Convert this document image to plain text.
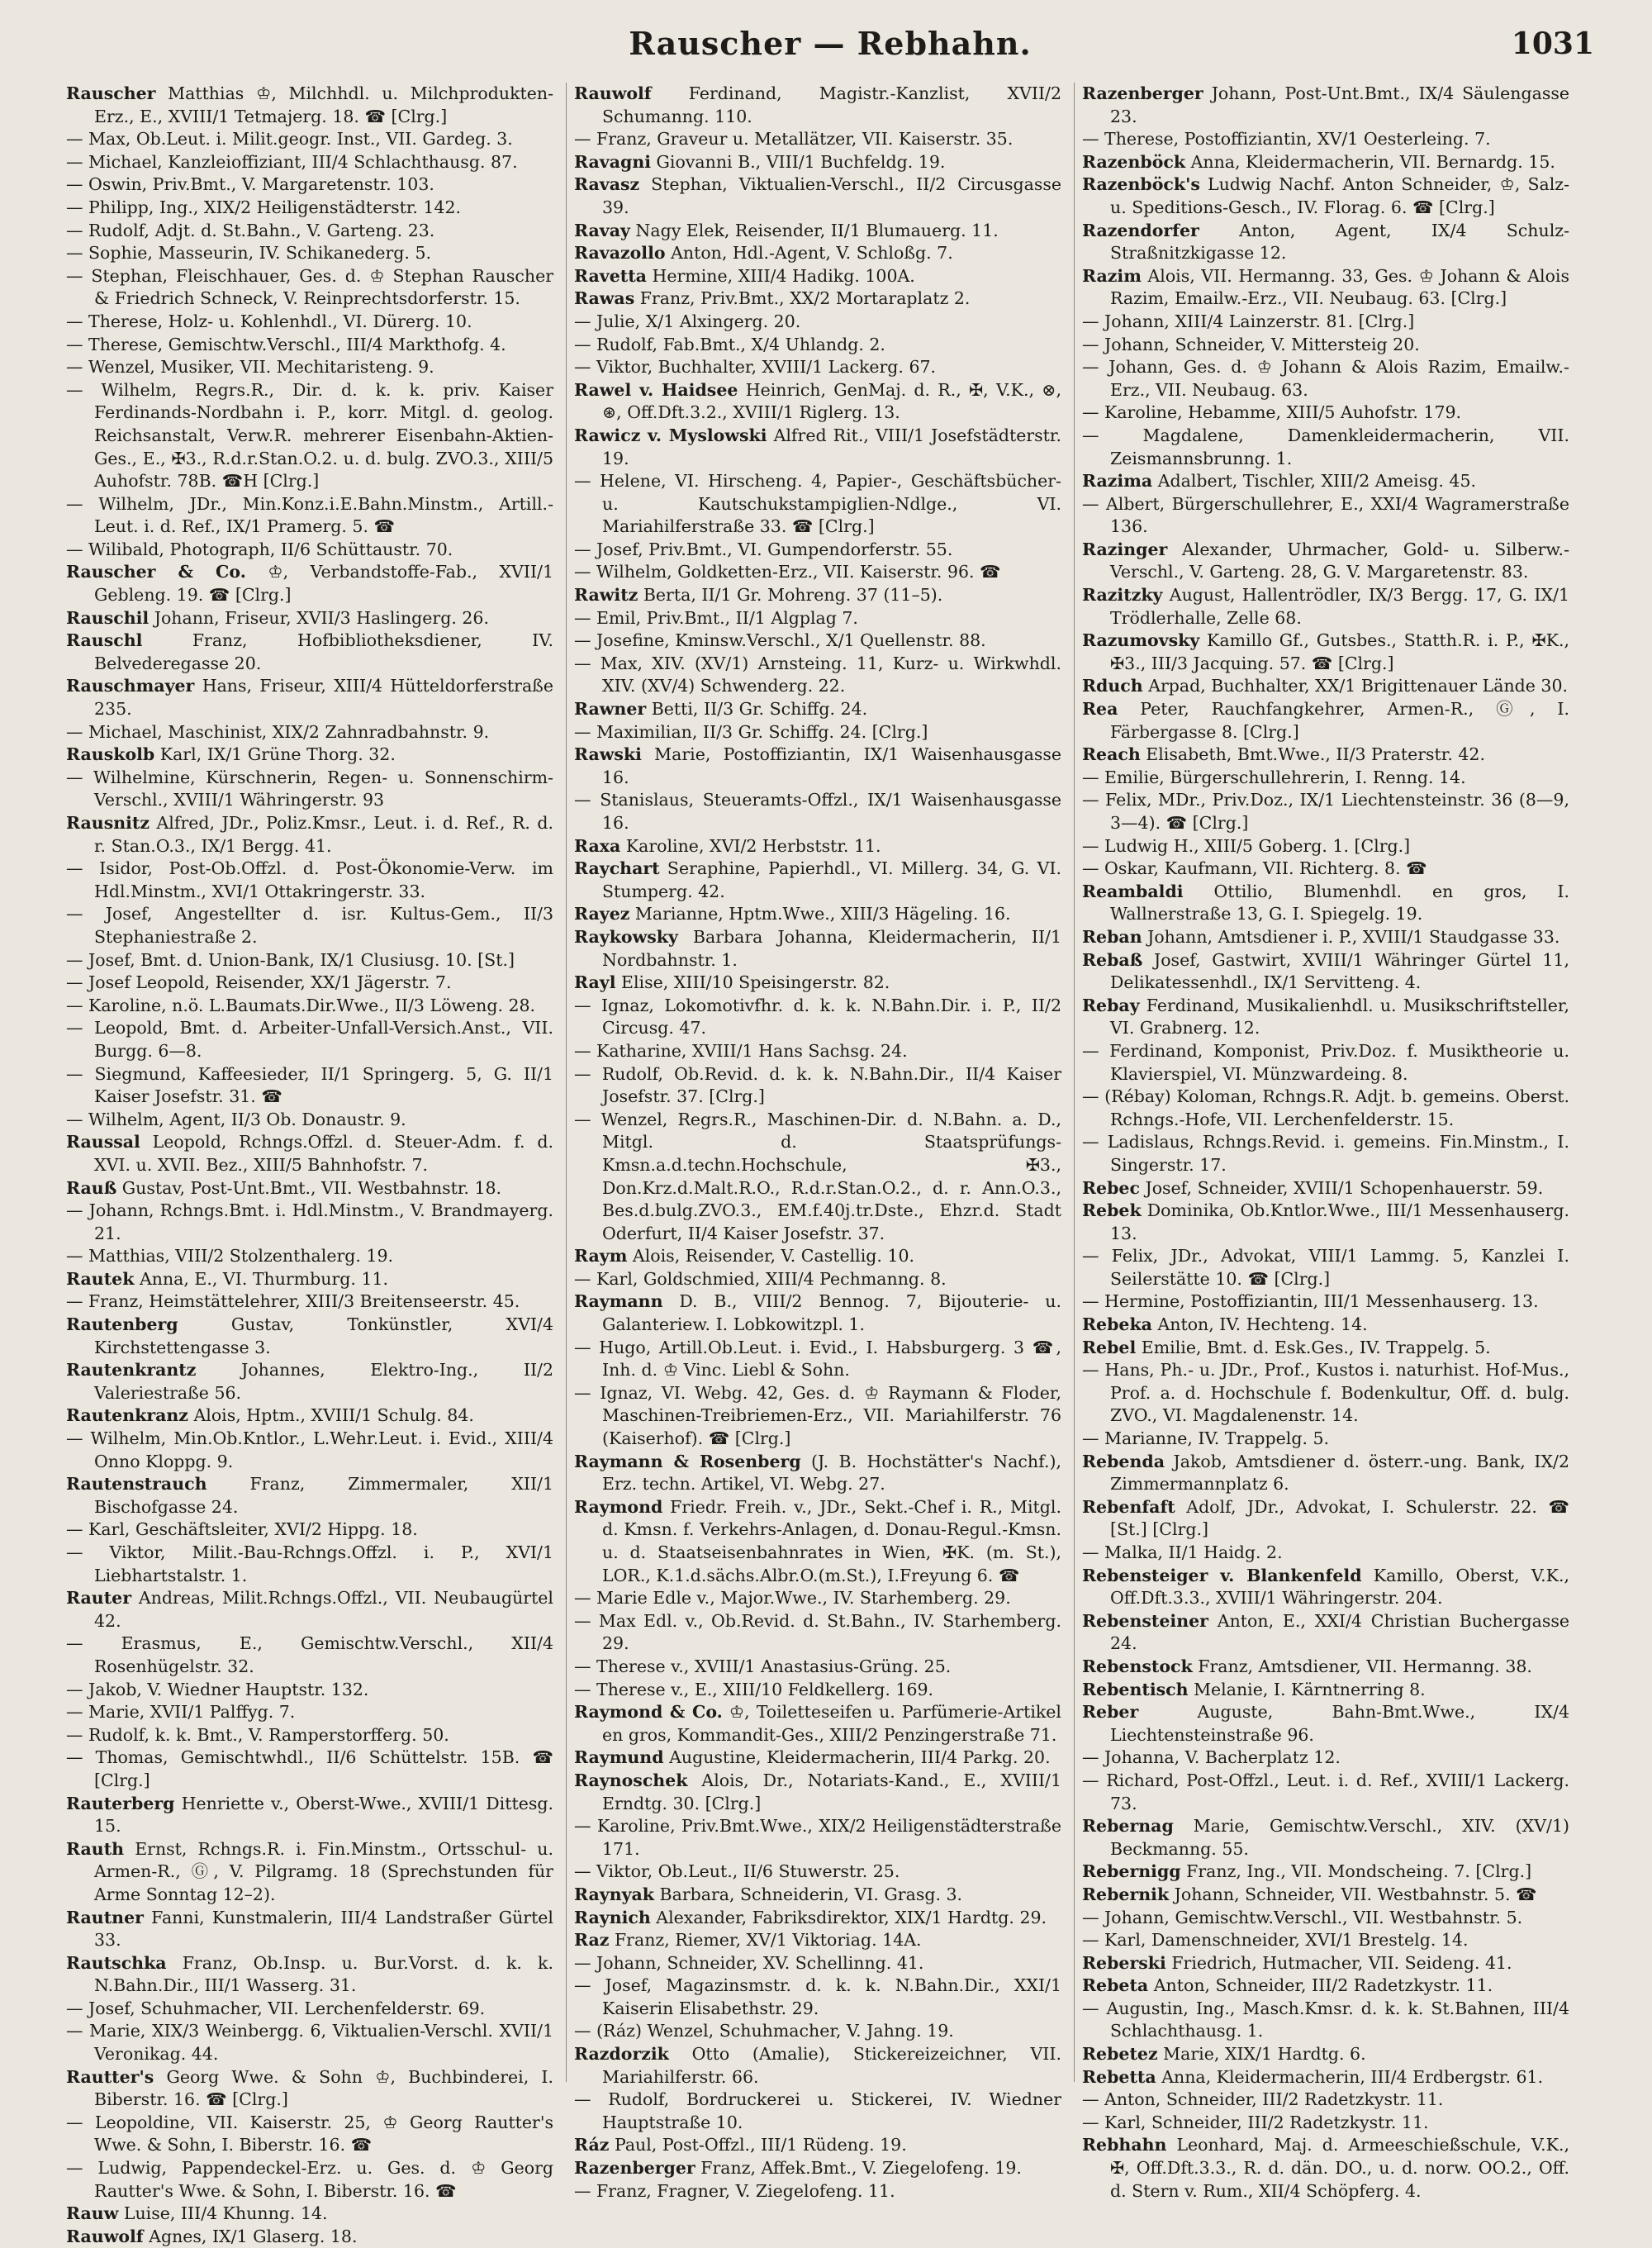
Rauscher — Rebhahn.	1031
Rauscher Matthias ♔, Milchhdl. u. Milchprodukten-Erz., E., XVIII/1 Tetmajerg. 18. ☎ [Clrg.]
— Max, Ob.Leut. i. Milit.geogr. Inst., VII. Gardeg. 3.
— Michael, Kanzleioffiziant, III/4 Schlachthausg. 87.
— Oswin, Priv.Bmt., V. Margaretenstr. 103.
— Philipp, Ing., XIX/2 Heiligenstädterstr. 142.
— Rudolf, Adjt. d. St.Bahn., V. Garteng. 23.
— Sophie, Masseurin, IV. Schikanederg. 5.
— Stephan, Fleischhauer, Ges. d. ♔ Stephan Rauscher & Friedrich Schneck, V. Reinprechtsdorferstr. 15.
— Therese, Holz- u. Kohlenhdl., VI. Dürerg. 10.
— Therese, Gemischtw.Verschl., III/4 Markthofg. 4.
— Wenzel, Musiker, VII. Mechitaristeng. 9.
— Wilhelm, Regrs.R., Dir. d. k. k. priv. Kaiser Ferdinands-Nordbahn i. P., korr. Mitgl. d. geolog. Reichsanstalt, Verw.R. mehrerer Eisenbahn-Aktien-Ges., E., ✠3., R.d.r.Stan.O.2. u. d. bulg. ZVO.3., XIII/5 Auhofstr. 78B. ☎H [Clrg.]
— Wilhelm, JDr., Min.Konz.i.E.Bahn.Minstm., Artill.-Leut. i. d. Ref., IX/1 Pramerg. 5. ☎
— Wilibald, Photograph, II/6 Schüttaustr. 70.
Rauscher & Co. ♔, Verbandstoffe-Fab., XVII/1 Gebleng. 19. ☎ [Clrg.]
Rauschil Johann, Friseur, XVII/3 Haslingerg. 26.
Rauschl Franz, Hofbibliotheksdiener, IV. Belvederegasse 20.
Rauschmayer Hans, Friseur, XIII/4 Hütteldorferstraße 235.
— Michael, Maschinist, XIX/2 Zahnradbahnstr. 9.
Rauskolb Karl, IX/1 Grüne Thorg. 32.
— Wilhelmine, Kürschnerin, Regen- u. Sonnenschirm-Verschl., XVIII/1 Währingerstr. 93
Rausnitz Alfred, JDr., Poliz.Kmsr., Leut. i. d. Ref., R. d. r. Stan.O.3., IX/1 Bergg. 41.
— Isidor, Post-Ob.Offzl. d. Post-Ökonomie-Verw. im Hdl.Minstm., XVI/1 Ottakringerstr. 33.
— Josef, Angestellter d. isr. Kultus-Gem., II/3 Stephaniestraße 2.
— Josef, Bmt. d. Union-Bank, IX/1 Clusiusg. 10. [St.]
— Josef Leopold, Reisender, XX/1 Jägerstr. 7.
— Karoline, n.ö. L.Baumats.Dir.Wwe., II/3 Löweng. 28.
— Leopold, Bmt. d. Arbeiter-Unfall-Versich.Anst., VII. Burgg. 6—8.
— Siegmund, Kaffeesieder, II/1 Springerg. 5, G. II/1 Kaiser Josefstr. 31. ☎
— Wilhelm, Agent, II/3 Ob. Donaustr. 9.
Raussal Leopold, Rchngs.Offzl. d. Steuer-Adm. f. d. XVI. u. XVII. Bez., XIII/5 Bahnhofstr. 7.
Rauß Gustav, Post-Unt.Bmt., VII. Westbahnstr. 18.
— Johann, Rchngs.Bmt. i. Hdl.Minstm., V. Brandmayerg. 21.
— Matthias, VIII/2 Stolzenthalerg. 19.
Rautek Anna, E., VI. Thurmburg. 11.
— Franz, Heimstättelehrer, XIII/3 Breitenseerstr. 45.
Rautenberg Gustav, Tonkünstler, XVI/4 Kirchstettengasse 3.
Rautenkrantz Johannes, Elektro-Ing., II/2 Valeriestraße 56.
Rautenkranz Alois, Hptm., XVIII/1 Schulg. 84.
— Wilhelm, Min.Ob.Kntlor., L.Wehr.Leut. i. Evid., XIII/4 Onno Kloppg. 9.
Rautenstrauch Franz, Zimmermaler, XII/1 Bischofgasse 24.
— Karl, Geschäftsleiter, XVI/2 Hippg. 18.
— Viktor, Milit.-Bau-Rchngs.Offzl. i. P., XVI/1 Liebhartstalstr. 1.
Rauter Andreas, Milit.Rchngs.Offzl., VII. Neubaugürtel 42.
— Erasmus, E., Gemischtw.Verschl., XII/4 Rosenhügelstr. 32.
— Jakob, V. Wiedner Hauptstr. 132.
— Marie, XVII/1 Palffyg. 7.
— Rudolf, k. k. Bmt., V. Ramperstorfferg. 50.
— Thomas, Gemischtwhdl., II/6 Schüttelstr. 15B. ☎ [Clrg.]
Rauterberg Henriette v., Oberst-Wwe., XVIII/1 Dittesg. 15.
Rauth Ernst, Rchngs.R. i. Fin.Minstm., Ortsschul- u. Armen-R., Ⓖ, V. Pilgramg. 18 (Sprechstunden für Arme Sonntag 12–2).
Rautner Fanni, Kunstmalerin, III/4 Landstraßer Gürtel 33.
Rautschka Franz, Ob.Insp. u. Bur.Vorst. d. k. k. N.Bahn.Dir., III/1 Wasserg. 31.
— Josef, Schuhmacher, VII. Lerchenfelderstr. 69.
— Marie, XIX/3 Weinbergg. 6, Viktualien-Verschl. XVII/1 Veronikag. 44.
Rautter's Georg Wwe. & Sohn ♔, Buchbinderei, I. Biberstr. 16. ☎ [Clrg.]
— Leopoldine, VII. Kaiserstr. 25, ♔ Georg Rautter's Wwe. & Sohn, I. Biberstr. 16. ☎
— Ludwig, Pappendeckel-Erz. u. Ges. d. ♔ Georg Rautter's Wwe. & Sohn, I. Biberstr. 16. ☎
Rauw Luise, III/4 Khunng. 14.
Rauwolf Agnes, IX/1 Glaserg. 18.
Rauwolf Ferdinand, Magistr.-Kanzlist, XVII/2 Schumanng. 110.
— Franz, Graveur u. Metallätzer, VII. Kaiserstr. 35.
Ravagni Giovanni B., VIII/1 Buchfeldg. 19.
Ravasz Stephan, Viktualien-Verschl., II/2 Circusgasse 39.
Ravay Nagy Elek, Reisender, II/1 Blumauerg. 11.
Ravazollo Anton, Hdl.-Agent, V. Schloßg. 7.
Ravetta Hermine, XIII/4 Hadikg. 100A.
Rawas Franz, Priv.Bmt., XX/2 Mortaraplatz 2.
— Julie, X/1 Alxingerg. 20.
— Rudolf, Fab.Bmt., X/4 Uhlandg. 2.
— Viktor, Buchhalter, XVIII/1 Lackerg. 67.
Rawel v. Haidsee Heinrich, GenMaj. d. R., ✠, V.K., ⊗, ⊛, Off.Dft.3.2., XVIII/1 Riglerg. 13.
Rawicz v. Myslowski Alfred Rit., VIII/1 Josefstädterstr. 19.
— Helene, VI. Hirscheng. 4, Papier-, Geschäftsbücher- u. Kautschukstampiglien-Ndlge., VI. Mariahilferstraße 33. ☎ [Clrg.]
— Josef, Priv.Bmt., VI. Gumpendorferstr. 55.
— Wilhelm, Goldketten-Erz., VII. Kaiserstr. 96. ☎
Rawitz Berta, II/1 Gr. Mohreng. 37 (11–5).
— Emil, Priv.Bmt., II/1 Algplag 7.
— Josefine, Kminsw.Verschl., X/1 Quellenstr. 88.
— Max, XIV. (XV/1) Arnsteing. 11, Kurz- u. Wirkwhdl. XIV. (XV/4) Schwenderg. 22.
Rawner Betti, II/3 Gr. Schiffg. 24.
— Maximilian, II/3 Gr. Schiffg. 24. [Clrg.]
Rawski Marie, Postoffiziantin, IX/1 Waisenhausgasse 16.
— Stanislaus, Steueramts-Offzl., IX/1 Waisenhausgasse 16.
Raxa Karoline, XVI/2 Herbststr. 11.
Raychart Seraphine, Papierhdl., VI. Millerg. 34, G. VI. Stumperg. 42.
Rayez Marianne, Hptm.Wwe., XIII/3 Hägeling. 16.
Raykowsky Barbara Johanna, Kleidermacherin, II/1 Nordbahnstr. 1.
Rayl Elise, XIII/10 Speisingerstr. 82.
— Ignaz, Lokomotivfhr. d. k. k. N.Bahn.Dir. i. P., II/2 Circusg. 47.
— Katharine, XVIII/1 Hans Sachsg. 24.
— Rudolf, Ob.Revid. d. k. k. N.Bahn.Dir., II/4 Kaiser Josefstr. 37. [Clrg.]
— Wenzel, Regrs.R., Maschinen-Dir. d. N.Bahn. a. D., Mitgl. d. Staatsprüfungs-Kmsn.a.d.techn.Hochschule, ✠3., Don.Krz.d.Malt.R.O., R.d.r.Stan.O.2., d. r. Ann.O.3., Bes.d.bulg.ZVO.3., EM.f.40j.tr.Dste., Ehzr.d. Stadt Oderfurt, II/4 Kaiser Josefstr. 37.
Raym Alois, Reisender, V. Castellig. 10.
— Karl, Goldschmied, XIII/4 Pechmanng. 8.
Raymann D. B., VIII/2 Bennog. 7, Bijouterie- u. Galanteriew. I. Lobkowitzpl. 1.
— Hugo, Artill.Ob.Leut. i. Evid., I. Habsburgerg. 3 ☎, Inh. d. ♔ Vinc. Liebl & Sohn.
— Ignaz, VI. Webg. 42, Ges. d. ♔ Raymann & Floder, Maschinen-Treibriemen-Erz., VII. Mariahilferstr. 76 (Kaiserhof). ☎ [Clrg.]
Raymann & Rosenberg (J. B. Hochstätter's Nachf.), Erz. techn. Artikel, VI. Webg. 27.
Raymond Friedr. Freih. v., JDr., Sekt.-Chef i. R., Mitgl. d. Kmsn. f. Verkehrs-Anlagen, d. Donau-Regul.-Kmsn. u. d. Staatseisenbahnrates in Wien, ✠K. (m. St.), LOR., K.1.d.sächs.Albr.O.(m.St.), I.Freyung 6. ☎
— Marie Edle v., Major.Wwe., IV. Starhemberg. 29.
— Max Edl. v., Ob.Revid. d. St.Bahn., IV. Starhemberg. 29.
— Therese v., XVIII/1 Anastasius-Grüng. 25.
— Therese v., E., XIII/10 Feldkellerg. 169.
Raymond & Co. ♔, Toiletteseifen u. Parfümerie-Artikel en gros, Kommandit-Ges., XIII/2 Penzingerstraße 71.
Raymund Augustine, Kleidermacherin, III/4 Parkg. 20.
Raynoschek Alois, Dr., Notariats-Kand., E., XVIII/1 Erndtg. 30. [Clrg.]
— Karoline, Priv.Bmt.Wwe., XIX/2 Heiligenstädterstraße 171.
— Viktor, Ob.Leut., II/6 Stuwerstr. 25.
Raynyak Barbara, Schneiderin, VI. Grasg. 3.
Raynich Alexander, Fabriksdirektor, XIX/1 Hardtg. 29.
Raz Franz, Riemer, XV/1 Viktoriag. 14A.
— Johann, Schneider, XV. Schellinng. 41.
— Josef, Magazinsmstr. d. k. k. N.Bahn.Dir., XXI/1 Kaiserin Elisabethstr. 29.
— (Ráz) Wenzel, Schuhmacher, V. Jahng. 19.
Razdorzik Otto (Amalie), Stickereizeichner, VII. Mariahilferstr. 66.
— Rudolf, Bordruckerei u. Stickerei, IV. Wiedner Hauptstraße 10.
Ráz Paul, Post-Offzl., III/1 Rüdeng. 19.
Razenberger Franz, Affek.Bmt., V. Ziegelofeng. 19.
— Franz, Fragner, V. Ziegelofeng. 11.
Razenberger Johann, Post-Unt.Bmt., IX/4 Säulengasse 23.
— Therese, Postoffiziantin, XV/1 Oesterleing. 7.
Razenböck Anna, Kleidermacherin, VII. Bernardg. 15.
Razenböck's Ludwig Nachf. Anton Schneider, ♔, Salz- u. Speditions-Gesch., IV. Florag. 6. ☎ [Clrg.]
Razendorfer Anton, Agent, IX/4 Schulz-Straßnitzkigasse 12.
Razim Alois, VII. Hermanng. 33, Ges. ♔ Johann & Alois Razim, Emailw.-Erz., VII. Neubaug. 63. [Clrg.]
— Johann, XIII/4 Lainzerstr. 81. [Clrg.]
— Johann, Schneider, V. Mittersteig 20.
— Johann, Ges. d. ♔ Johann & Alois Razim, Emailw.-Erz., VII. Neubaug. 63.
— Karoline, Hebamme, XIII/5 Auhofstr. 179.
— Magdalene, Damenkleidermacherin, VII. Zeismannsbrunng. 1.
Razima Adalbert, Tischler, XIII/2 Ameisg. 45.
— Albert, Bürgerschullehrer, E., XXI/4 Wagramerstraße 136.
Razinger Alexander, Uhrmacher, Gold- u. Silberw.-Verschl., V. Garteng. 28, G. V. Margaretenstr. 83.
Razitzky August, Hallentrödler, IX/3 Bergg. 17, G. IX/1 Trödlerhalle, Zelle 68.
Razumovsky Kamillo Gf., Gutsbes., Statth.R. i. P., ✠K., ✠3., III/3 Jacquing. 57. ☎ [Clrg.]
Rduch Arpad, Buchhalter, XX/1 Brigittenauer Lände 30.
Rea Peter, Rauchfangkehrer, Armen-R., Ⓖ, I. Färbergasse 8. [Clrg.]
Reach Elisabeth, Bmt.Wwe., II/3 Praterstr. 42.
— Emilie, Bürgerschullehrerin, I. Renng. 14.
— Felix, MDr., Priv.Doz., IX/1 Liechtensteinstr. 36 (8—9, 3—4). ☎ [Clrg.]
— Ludwig H., XIII/5 Goberg. 1. [Clrg.]
— Oskar, Kaufmann, VII. Richterg. 8. ☎
Reambaldi Ottilio, Blumenhdl. en gros, I. Wallnerstraße 13, G. I. Spiegelg. 19.
Reban Johann, Amtsdiener i. P., XVIII/1 Staudgasse 33.
Rebaß Josef, Gastwirt, XVIII/1 Währinger Gürtel 11, Delikatessenhdl., IX/1 Servitteng. 4.
Rebay Ferdinand, Musikalienhdl. u. Musikschriftsteller, VI. Grabnerg. 12.
— Ferdinand, Komponist, Priv.Doz. f. Musiktheorie u. Klavierspiel, VI. Münzwardeing. 8.
— (Rébay) Koloman, Rchngs.R. Adjt. b. gemeins. Oberst. Rchngs.-Hofe, VII. Lerchenfelderstr. 15.
— Ladislaus, Rchngs.Revid. i. gemeins. Fin.Minstm., I. Singerstr. 17.
Rebec Josef, Schneider, XVIII/1 Schopenhauerstr. 59.
Rebek Dominika, Ob.Kntlor.Wwe., III/1 Messenhauserg. 13.
— Felix, JDr., Advokat, VIII/1 Lammg. 5, Kanzlei I. Seilerstätte 10. ☎ [Clrg.]
— Hermine, Postoffiziantin, III/1 Messenhauserg. 13.
Rebeka Anton, IV. Hechteng. 14.
Rebel Emilie, Bmt. d. Esk.Ges., IV. Trappelg. 5.
— Hans, Ph.- u. JDr., Prof., Kustos i. naturhist. Hof-Mus., Prof. a. d. Hochschule f. Bodenkultur, Off. d. bulg. ZVO., VI. Magdalenenstr. 14.
— Marianne, IV. Trappelg. 5.
Rebenda Jakob, Amtsdiener d. österr.-ung. Bank, IX/2 Zimmermannplatz 6.
Rebenfaft Adolf, JDr., Advokat, I. Schulerstr. 22. ☎ [St.] [Clrg.]
— Malka, II/1 Haidg. 2.
Rebensteiger v. Blankenfeld Kamillo, Oberst, V.K., Off.Dft.3.3., XVIII/1 Währingerstr. 204.
Rebensteiner Anton, E., XXI/4 Christian Buchergasse 24.
Rebenstock Franz, Amtsdiener, VII. Hermanng. 38.
Rebentisch Melanie, I. Kärntnerring 8.
Reber Auguste, Bahn-Bmt.Wwe., IX/4 Liechtensteinstraße 96.
— Johanna, V. Bacherplatz 12.
— Richard, Post-Offzl., Leut. i. d. Ref., XVIII/1 Lackerg. 73.
Rebernag Marie, Gemischtw.Verschl., XIV. (XV/1) Beckmanng. 55.
Rebernigg Franz, Ing., VII. Mondscheing. 7. [Clrg.]
Rebernik Johann, Schneider, VII. Westbahnstr. 5. ☎
— Johann, Gemischtw.Verschl., VII. Westbahnstr. 5.
— Karl, Damenschneider, XVI/1 Brestelg. 14.
Reberski Friedrich, Hutmacher, VII. Seideng. 41.
Rebeta Anton, Schneider, III/2 Radetzkystr. 11.
— Augustin, Ing., Masch.Kmsr. d. k. k. St.Bahnen, III/4 Schlachthausg. 1.
Rebetez Marie, XIX/1 Hardtg. 6.
Rebetta Anna, Kleidermacherin, III/4 Erdbergstr. 61.
— Anton, Schneider, III/2 Radetzkystr. 11.
— Karl, Schneider, III/2 Radetzkystr. 11.
Rebhahn Leonhard, Maj. d. Armeeschießschule, V.K., ✠, Off.Dft.3.3., R. d. dän. DO., u. d. norw. OO.2., Off. d. Stern v. Rum., XII/4 Schöpferg. 4.
